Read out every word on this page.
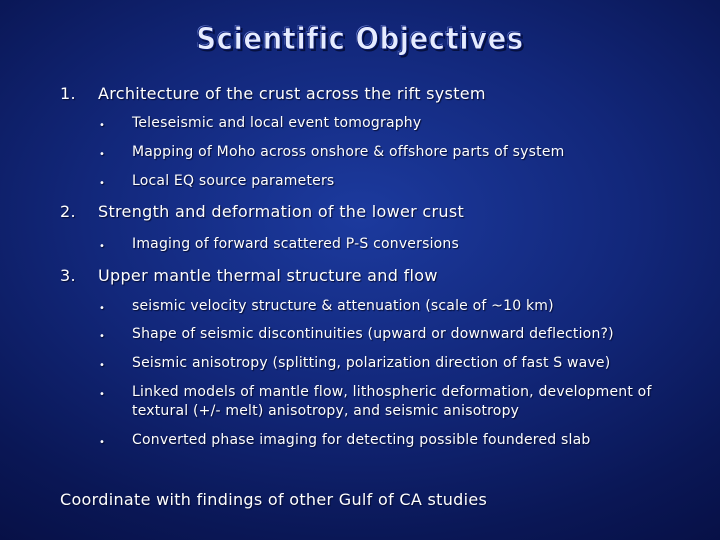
Scientific Objectives
1. Architecture of the crust across the rift system
• Teleseismic and local event tomography
• Mapping of Moho across onshore & offshore parts of system
• Local EQ source parameters
2. Strength and deformation of the lower crust
• Imaging of forward scattered P-S conversions
3. Upper mantle thermal structure and flow
• seismic velocity structure & attenuation (scale of ~10 km)
• Shape of seismic discontinuities (upward or downward deflection?)
• Seismic anisotropy (splitting, polarization direction of fast S wave)
• Linked models of mantle flow, lithospheric deformation, development of textural (+/- melt) anisotropy, and seismic anisotropy
• Converted phase imaging for detecting possible foundered slab
Coordinate with findings of other Gulf of CA studies
